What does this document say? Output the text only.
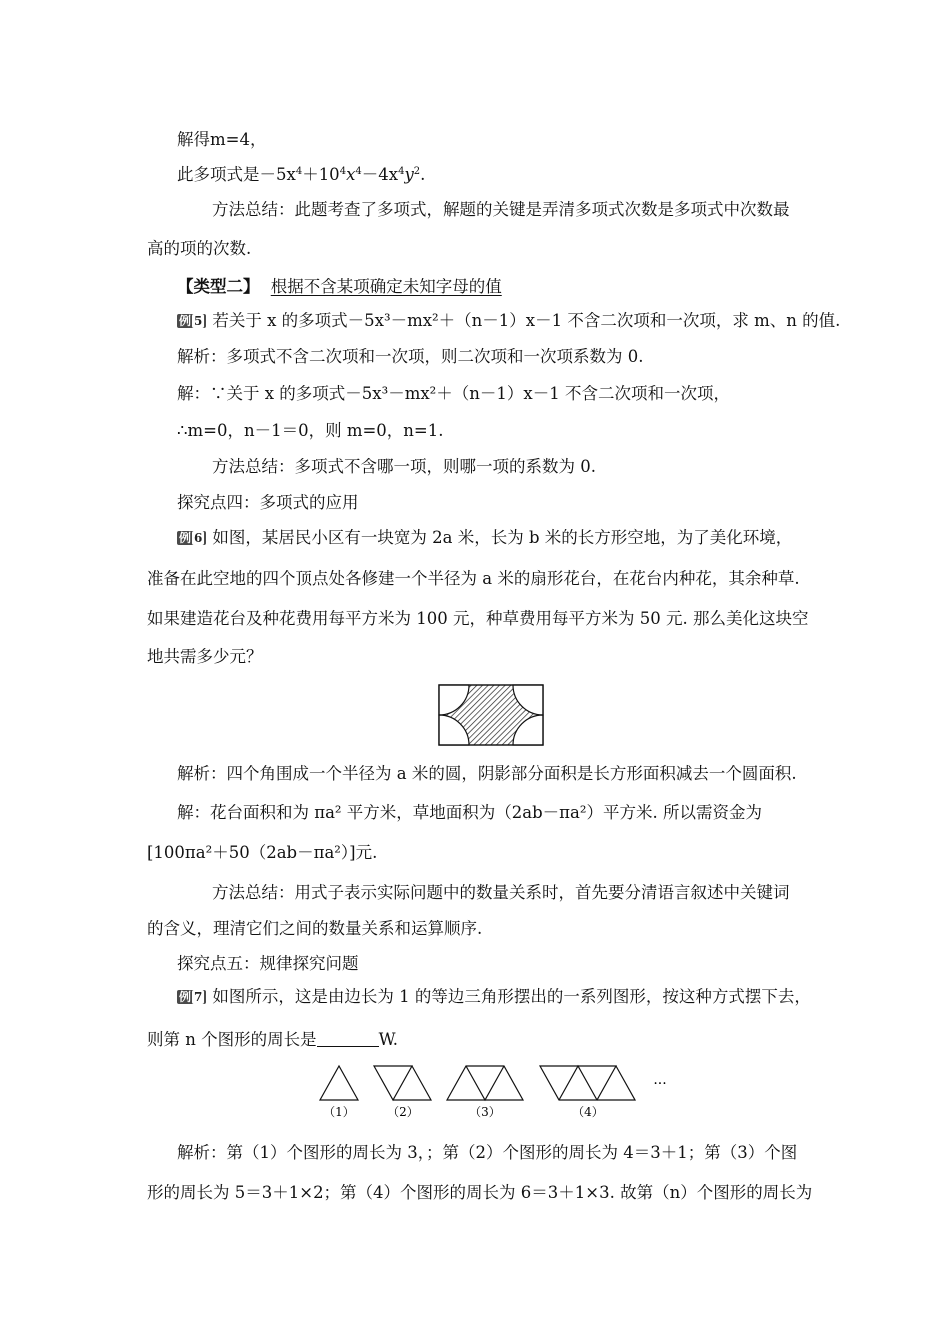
解得m=4，
此多项式是$-5x^4+10^4x^4-4x^4y^2$.
方法总结：此题考查了多项式，解题的关键是弄清多项式次数是多项式中次数最
高的项的次数.
【类型二】 根据不含某项确定未知字母的值
例 5 若关于 x 的多项式－5x³－mx²＋（n－1）x－1 不含二次项和一次项，求 m、n 的值.
解析：多项式不含二次项和一次项，则二次项和一次项系数为 0.
解：∵关于 x 的多项式－5x³－mx²＋（n－1）x－1 不含二次项和一次项，
∴m=0，n－1＝0，则 m=0，n=1.
方法总结：多项式不含哪一项，则哪一项的系数为 0.
探究点四：多项式的应用
例 6 如图，某居民小区有一块宽为 2a 米，长为 b 米的长方形空地，为了美化环境，
准备在此空地的四个顶点处各修建一个半径为 a 米的扇形花台，在花台内种花，其余种草.
如果建造花台及种花费用每平方米为 100 元，种草费用每平方米为 50 元. 那么美化这块空
地共需多少元？
解析：四个角围成一个半径为 a 米的圆，阴影部分面积是长方形面积减去一个圆面积.
解：花台面积和为 πa² 平方米，草地面积为（2ab－πa²）平方米. 所以需资金为
[100πa²＋50（2ab－πa²）]元.
方法总结：用式子表示实际问题中的数量关系时，首先要分清语言叙述中关键词
的含义，理清它们之间的数量关系和运算顺序.
探究点五：规律探究问题
例 7 如图所示，这是由边长为 1 的等边三角形摆出的一系列图形，按这种方式摆下去，
则第 n 个图形的周长是	W.
（1）	（2）	（3）	（4）
···
解析：第（1）个图形的周长为 3，；第（2）个图形的周长为 4＝3＋1；第（3）个图
形的周长为 5＝3＋1×2；第（4）个图形的周长为 6＝3＋1×3. 故第（n）个图形的周长为
